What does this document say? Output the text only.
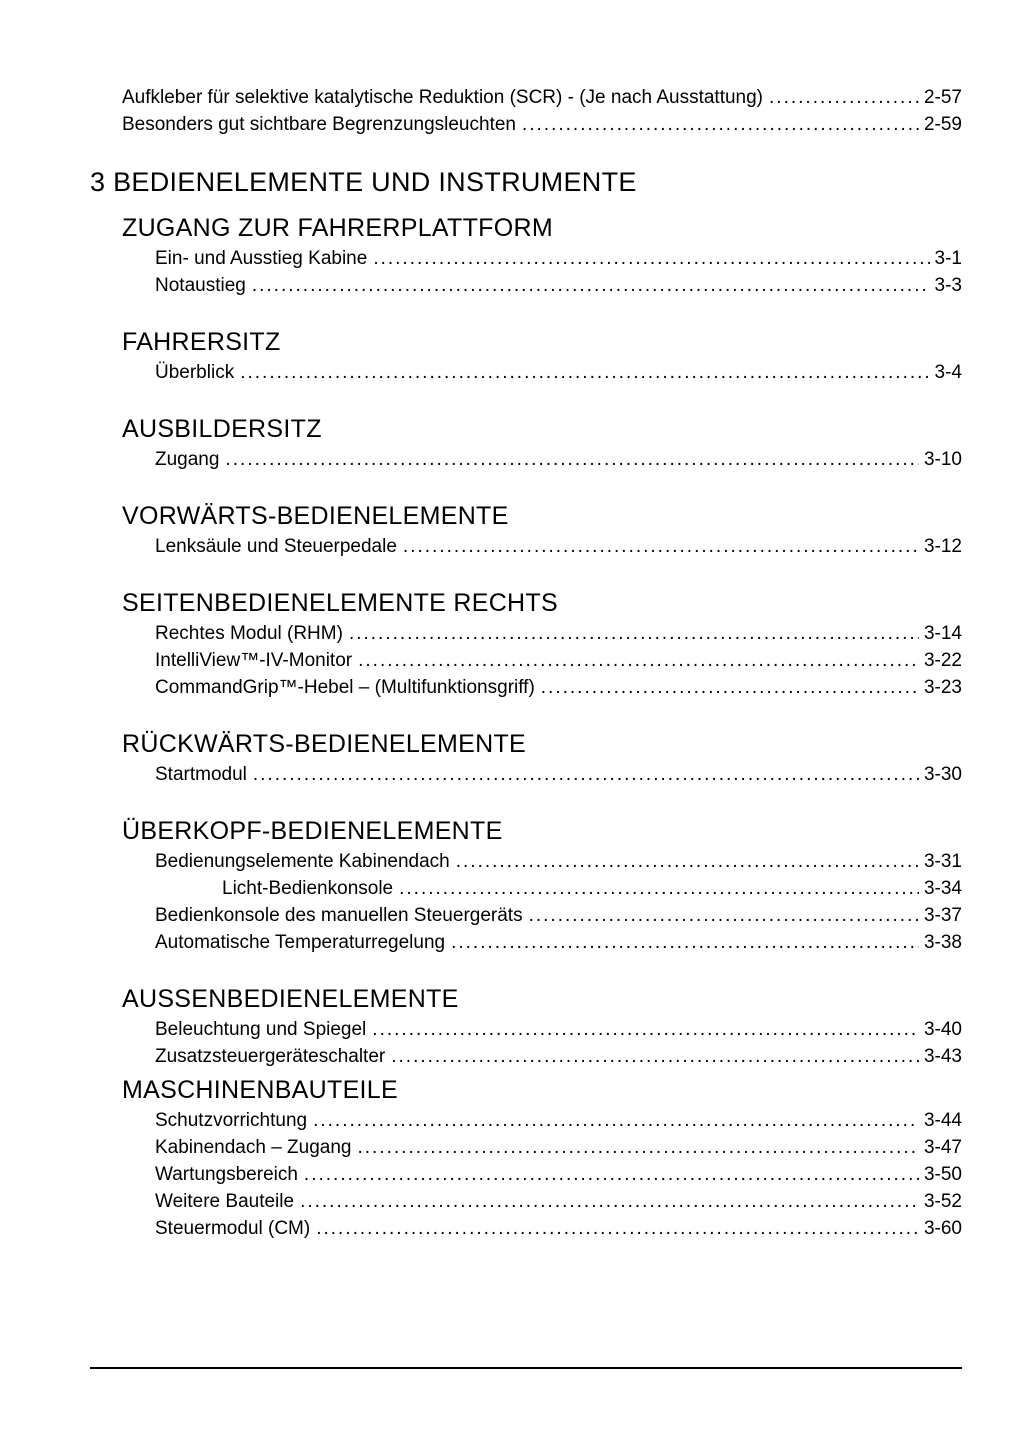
Aufkleber für selektive katalytische Reduktion (SCR) - (Je nach Ausstattung) .....	2-57
Besonders gut sichtbare Begrenzungsleuchten .....	2-59
3 BEDIENELEMENTE UND INSTRUMENTE
ZUGANG ZUR FAHRERPLATTFORM
Ein- und Ausstieg Kabine .....	3-1
Notaustieg .....	3-3
FAHRERSITZ
Überblick .....	3-4
AUSBILDERSITZ
Zugang .....	3-10
VORWÄRTS-BEDIENELEMENTE
Lenksäule und Steuerpedale .....	3-12
SEITENBEDIENELEMENTE RECHTS
Rechtes Modul (RHM) .....	3-14
IntelliView™-IV-Monitor .....	3-22
CommandGrip™-Hebel – (Multifunktionsgriff) .....	3-23
RÜCKWÄRTS-BEDIENELEMENTE
Startmodul .....	3-30
ÜBERKOPF-BEDIENELEMENTE
Bedienungselemente Kabinendach .....	3-31
Licht-Bedienkonsole .....	3-34
Bedienkonsole des manuellen Steuergeräts .....	3-37
Automatische Temperaturregelung .....	3-38
AUSSENBEDIENELEMENTE
Beleuchtung und Spiegel .....	3-40
Zusatzsteuergeräteschalter .....	3-43
MASCHINENBAUTEILE
Schutzvorrichtung .....	3-44
Kabinendach – Zugang .....	3-47
Wartungsbereich .....	3-50
Weitere Bauteile .....	3-52
Steuermodul (CM) .....	3-60
